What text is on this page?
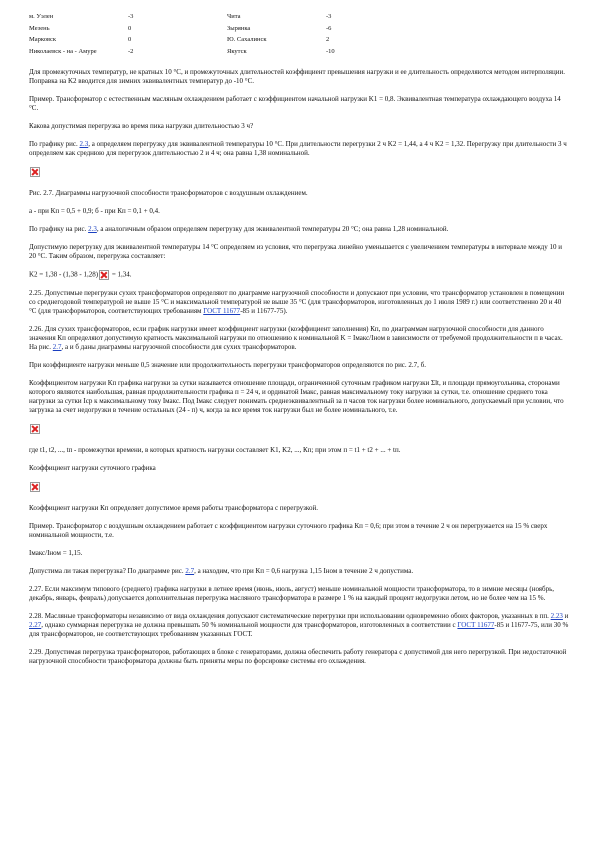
м. Уэлен	-3	Чита	-3
Мезень	0	Зырянка	-6
Марковск	0	Ю. Сахалинск	2
Николаевск - на - Амуре	-2	Якутск	-10

Для промежуточных температур, не кратных 10 °С, и промежуточных длительностей коэффициент превышения нагрузки и ее длительность определяются методом интерполяции. Поправка на K2 вводится для зимних эквивалентных температур до -10 °С.

Пример. Трансформатор с естественным масляным охлаждением работает с коэффициентом начальной нагрузки K1 = 0,8. Эквивалентная температура охлаждающего воздуха 14 °С.

Какова допустимая перегрузка во время пика нагрузки длительностью 3 ч?

По графику рис. 2.3, а определяем перегрузку для эквивалентной температуры 10 °С. При длительности перегрузки 2 ч K2 = 1,44, а 4 ч K2 = 1,32. Перегрузку при длительности 3 ч определяем как среднюю для перегрузок длительностью 2 и 4 ч; она равна 1,38 номинальной.

Рис. 2.7. Диаграммы нагрузочной способности трансформаторов с воздушным охлаждением.

а - при Кп = 0,5 + 0,9; б - при Кп = 0,1 + 0,4.

По графику на рис. 2.3, а аналогичным образом определяем перегрузку для эквивалентной температуры 20 °С; она равна 1,28 номинальной.

Допустимую перегрузку для эквивалентной температуры 14 °С определяем из условия, что перегрузка линейно уменьшается с увеличением температуры в интервале между 10 и 20 °С. Таким образом, перегрузка составляет:

K2 = 1,38 - (1,38 - 1,28) = 1,34.

2.25. Допустимые перегрузки сухих трансформаторов определяют по диаграмме нагрузочной способности и допускают при условии, что трансформатор установлен в помещении со среднегодовой температурой не выше 15 °С и максимальной температурой не выше 35 °С (для трансформаторов, изготовленных до 1 июля 1989 г.) или соответственно 20 и 40 °С (для трансформаторов, соответствующих требованиям ГОСТ 11677-85 и 11677-75).

2.26. Для сухих трансформаторов, если график нагрузки имеет коэффициент нагрузки (коэффициент заполнения) Кп, по диаграммам нагрузочной способности для данного значения Кп определяют допустимую кратность максимальной нагрузки по отношению к номинальной K = Iмакс/Iном в зависимости от требуемой продолжительности п в часах. На рис. 2.7, а и б даны диаграммы нагрузочной способности для сухих трансформаторов.

При коэффициенте нагрузки меньше 0,5 значение или продолжительность перегрузки трансформаторов определяются по рис. 2.7, б.

Коэффициентом нагрузки Кп графика нагрузки за сутки называется отношение площади, ограниченной суточным графиком нагрузки Σlt, и площади прямоугольника, сторонами которого являются наибольшая, равная продолжительности графика п = 24 ч, и ординатой Iмакс, равная максимальному току нагрузки за сутки, т.е. отношение среднего тока нагрузки за сутки Iср к максимальному току Iмакс. Под Iмакс следует понимать среднеэквивалентный за п часов ток нагрузки более номинального, допускаемый при условии, что загрузка за счет недогрузки в течение остальных (24 - п) ч, когда за все время ток нагрузки был не более номинального, т.е.

где t1, t2, ..., tп - промежутки времени, в которых кратность нагрузки составляет K1, K2, ..., Кп; при этом п = t1 + t2 + ... + tп.

Коэффициент нагрузки суточного графика

Коэффициент нагрузки Кп определяет допустимое время работы трансформатора с перегрузкой.

Пример. Трансформатор с воздушным охлаждением работает с коэффициентом нагрузки суточного графика Кп = 0,6; при этом в течение 2 ч он перегружается на 15 % сверх номинальной мощности, т.е.

Iмакс/Iном = 1,15.

Допустима ли такая перегрузка? По диаграмме рис. 2.7, а находим, что при Кп = 0,6 нагрузка 1,15 Iном в течение 2 ч допустима.

2.27. Если максимум типового (среднего) графика нагрузки в летнее время (июнь, июль, август) меньше номинальной мощности трансформатора, то в зимние месяцы (ноябрь, декабрь, январь, февраль) допускается дополнительная перегрузка масляного трансформатора в размере 1 % на каждый процент недогрузки летом, но не более чем на 15 %.

2.28. Масляные трансформаторы независимо от вида охлаждения допускают систематические перегрузки при использовании одновременно обоих факторов, указанных в пп. 2.23 и 2.27, однако суммарная перегрузка не должна превышать 50 % номинальной мощности для трансформаторов, изготовленных в соответствии с ГОСТ 11677-85 и 11677-75, или 30 % для трансформаторов, не соответствующих требованиям указанных ГОСТ.

2.29. Допустимая перегрузка трансформаторов, работающих в блоке с генераторами, должна обеспечить работу генератора с допустимой для него перегрузкой. При недостаточной нагрузочной способности трансформатора должны быть приняты меры по форсировке системы его охлаждения.
